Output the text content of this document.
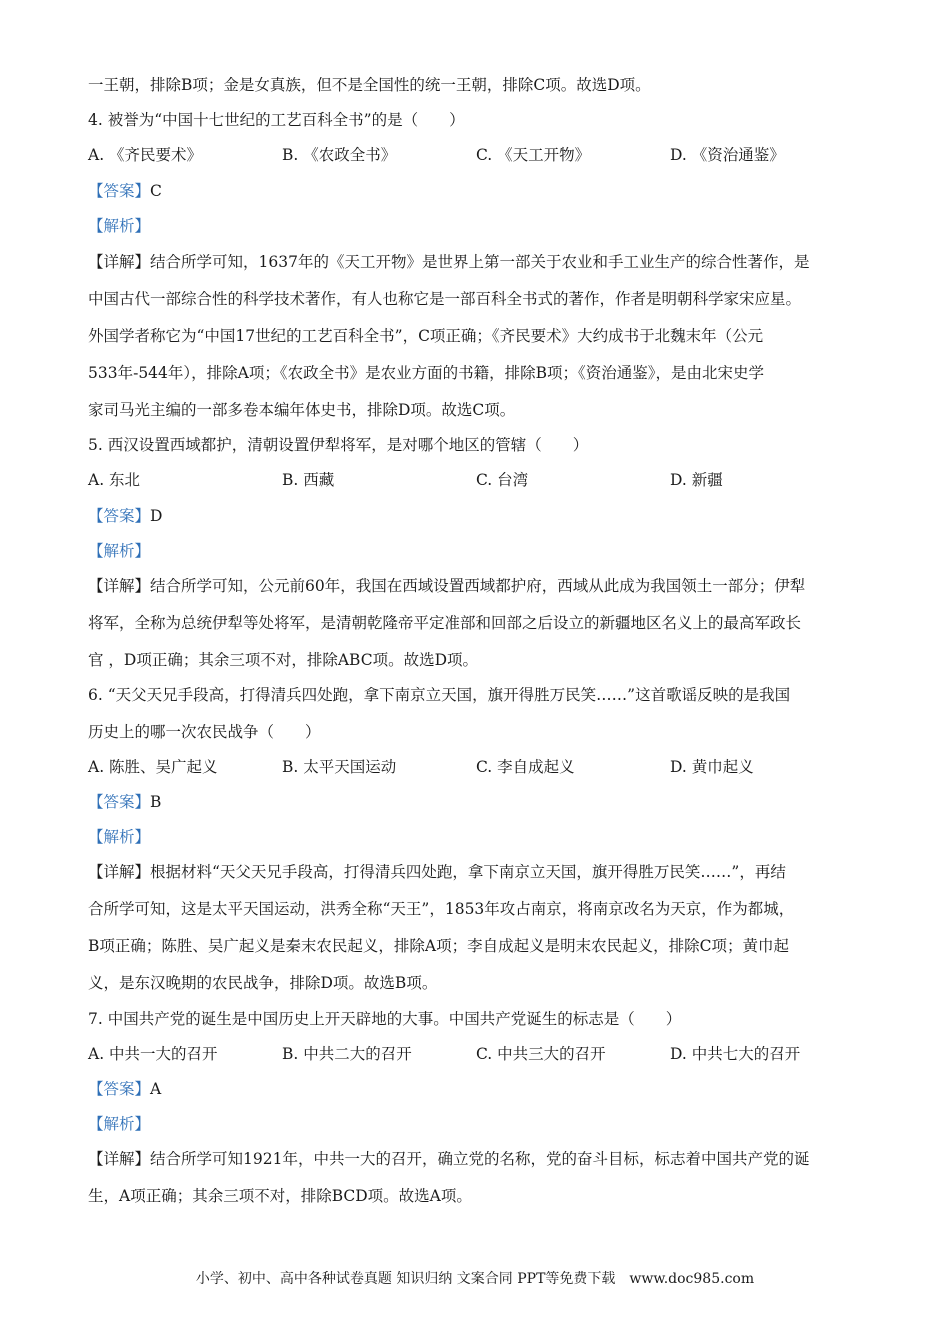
一王朝，排除B项；金是女真族，但不是全国性的统一王朝，排除C项。故选D项。
4. 被誉为“中国十七世纪的工艺百科全书”的是（　　）
A. 《齐民要术》	B. 《农政全书》	C. 《天工开物》	D. 《资治通鉴》
【答案】C
【解析】
【详解】结合所学可知，1637年的《天工开物》是世界上第一部关于农业和手工业生产的综合性著作，是
中国古代一部综合性的科学技术著作，有人也称它是一部百科全书式的著作，作者是明朝科学家宋应星。
外国学者称它为“中国17世纪的工艺百科全书”，C项正确；《齐民要术》大约成书于北魏末年（公元
533年-544年），排除A项；《农政全书》是农业方面的书籍，排除B项；《资治通鉴》，是由北宋史学
家司马光主编的一部多卷本编年体史书，排除D项。故选C项。
5. 西汉设置西域都护，清朝设置伊犁将军，是对哪个地区的管辖（　　）
A. 东北	B. 西藏	C. 台湾	D. 新疆
【答案】D
【解析】
【详解】结合所学可知，公元前60年，我国在西域设置西域都护府，西域从此成为我国领土一部分；伊犁
将军，全称为总统伊犁等处将军，是清朝乾隆帝平定准部和回部之后设立的新疆地区名义上的最高军政长
官 ，D项正确；其余三项不对，排除ABC项。故选D项。
6. “天父天兄手段高，打得清兵四处跑，拿下南京立天国，旗开得胜万民笑……”这首歌谣反映的是我国
历史上的哪一次农民战争（　　）
A. 陈胜、吴广起义	B. 太平天国运动	C. 李自成起义	D. 黄巾起义
【答案】B
【解析】
【详解】根据材料“天父天兄手段高，打得清兵四处跑，拿下南京立天国，旗开得胜万民笑……”，再结
合所学可知，这是太平天国运动，洪秀全称“天王”，1853年攻占南京，将南京改名为天京，作为都城，
B项正确；陈胜、吴广起义是秦末农民起义，排除A项；李自成起义是明末农民起义，排除C项；黄巾起
义，是东汉晚期的农民战争，排除D项。故选B项。
7. 中国共产党的诞生是中国历史上开天辟地的大事。中国共产党诞生的标志是（　　）
A. 中共一大的召开	B. 中共二大的召开	C. 中共三大的召开	D. 中共七大的召开
【答案】A
【解析】
【详解】结合所学可知1921年，中共一大的召开，确立党的名称，党的奋斗目标，标志着中国共产党的诞
生，A项正确；其余三项不对，排除BCD项。故选A项。
小学、初中、高中各种试卷真题 知识归纳 文案合同 PPT等免费下载 www.doc985.com
